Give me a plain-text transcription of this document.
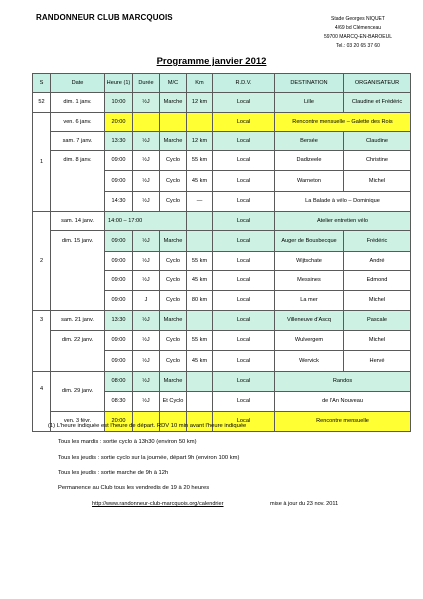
RANDONNEUR CLUB MARCQUOIS	Stade Georges NIQUET
4/69 bd Clémenceau
59700 MARCQ-EN-BAROEUL
Tel.: 03 20 65 37 60
Programme janvier 2012
S	Date	Heure (1)	Durée	M/C	Km	R.D.V.	DESTINATION	ORGANISATEUR
52	dim. 1 janv.	10:00	½J	Marche	12 km	Local	Lille	Claudine et Frédéric
1	ven. 6 janv.	20:00				Local	Rencontre mensuelle – Galette des Rois	
	sam. 7 janv.	13:30	½J	Marche	12 km	Local	Bersée	Claudine
	dim. 8 janv.	09:00	½J	Cyclo	55 km	Local	Dadizeele	Christine
		09:00	½J	Cyclo	45 km	Local	Warneton	Michel
		14:30	½J	Cyclo	—	Local	La Balade à vélo – Dominique	
2	sam. 14 janv.	14:00 – 17:00				Local	Atelier entretien vélo	
	dim. 15 janv.	09:00	½J	Marche		Local	Auger de Bousbecque	Frédéric
		09:00	½J	Cyclo	55 km	Local	Wijtschate	André
		09:00	½J	Cyclo	45 km	Local	Messines	Edmond
		09:00	J	Cyclo	80 km	Local	La mer	Michel
3	sam. 21 janv.	13:30	½J	Marche		Local	Villeneuve d'Ascq	Pascale
	dim. 22 janv.	09:00	½J	Cyclo	55 km	Local	Wulvergem	Michel
		09:00	½J	Cyclo	45 km	Local	Wervick	Hervé
4	dim. 29 janv.	08:00	½J	Marche		Local	Randos	
		08:30	½J	Et Cyclo		Local	de l'An Nouveau	
	ven. 3 févr.	20:00				Local	Rencontre mensuelle	
(1) L'heure indiquée est l'heure de départ. RDV 10 min avant l'heure indiquée
Tous les mardis : sortie cyclo à 13h30 (environ 50 km)
Tous les jeudis : sortie cyclo sur la journée, départ 9h (environ 100 km)
Tous les jeudis : sortie marche de 9h à 12h
Permanence au Club tous les vendredis de 19 à 20 heures
http://www.randonneur-club-marcquois.org/calendrier	mise à jour du 23 nov. 2011
